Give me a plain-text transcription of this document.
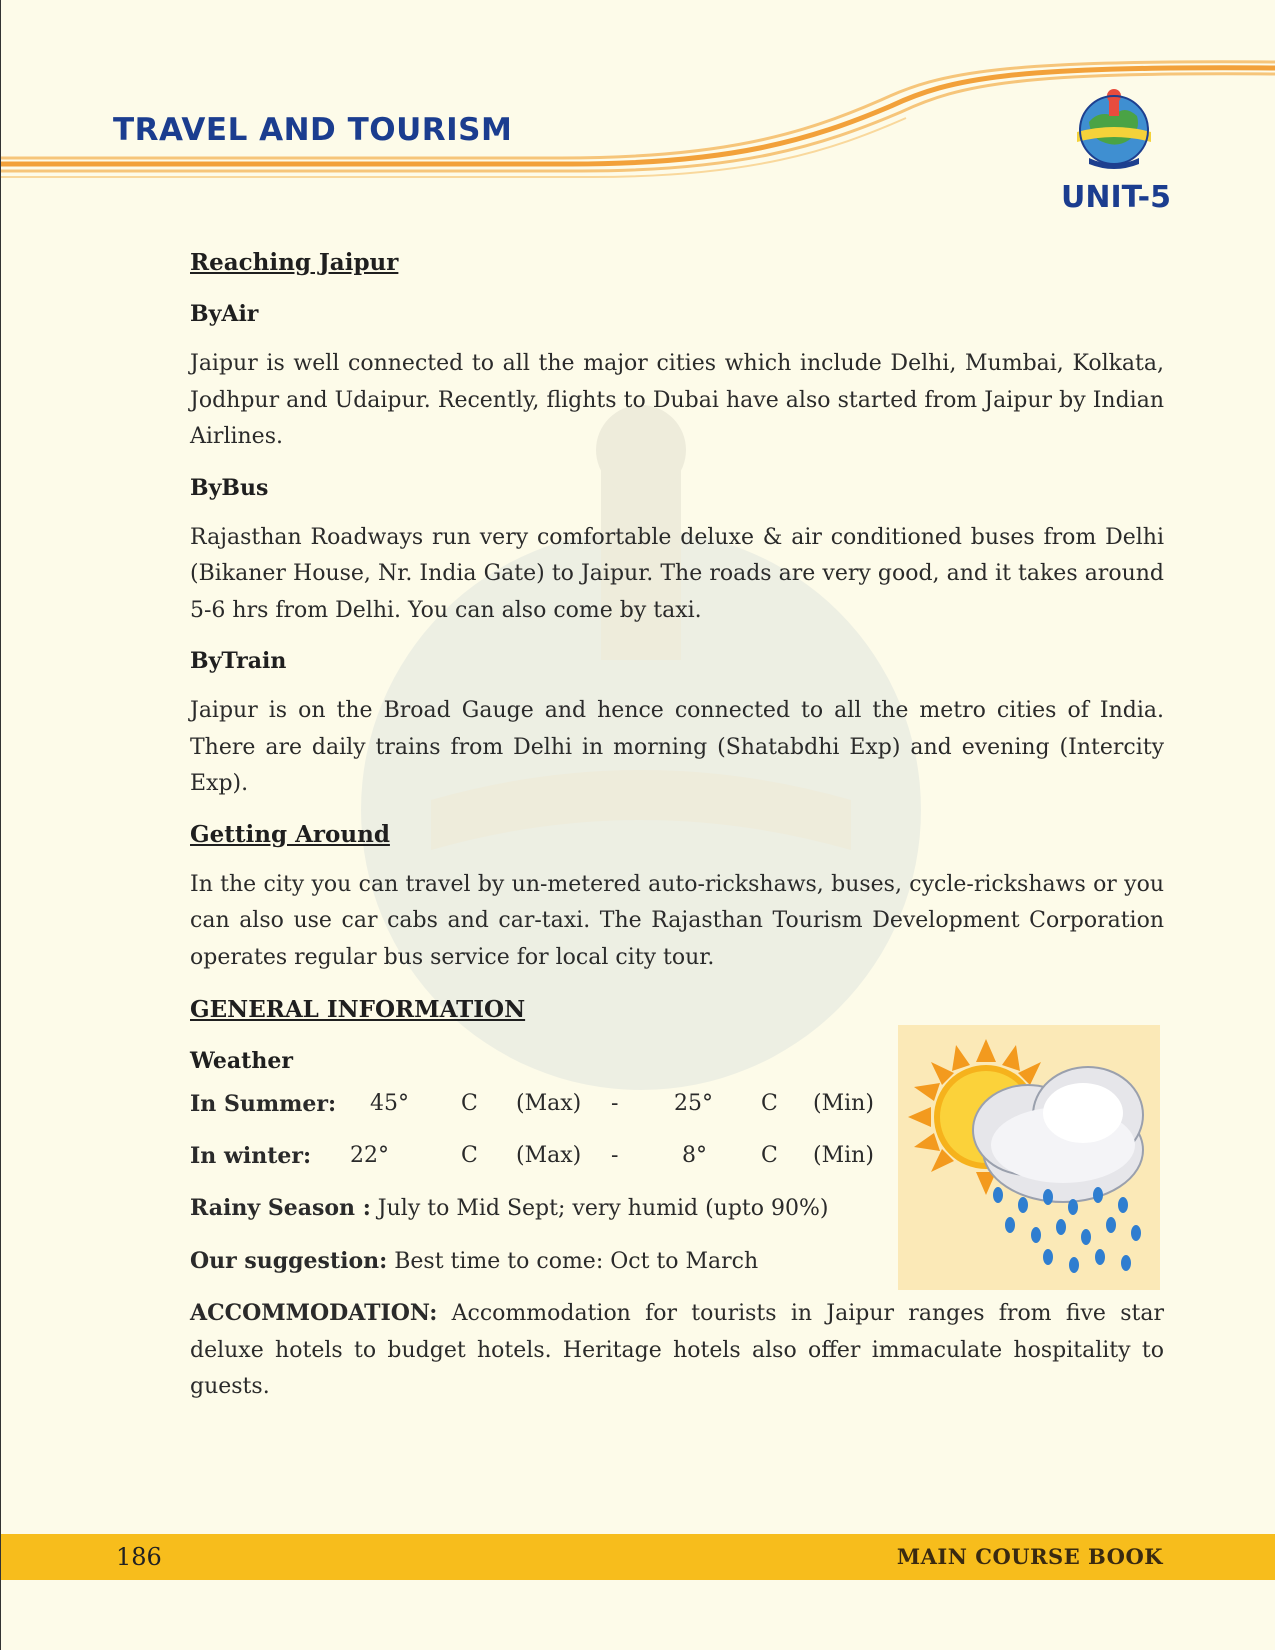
TRAVEL AND TOURISM
UNIT-5

Reaching Jaipur

ByAir

Jaipur is well connected to all the major cities which include Delhi, Mumbai, Kolkata, Jodhpur and Udaipur. Recently, flights to Dubai have also started from Jaipur by Indian Airlines.

ByBus

Rajasthan Roadways run very comfortable deluxe & air conditioned buses from Delhi (Bikaner House, Nr. India Gate) to Jaipur. The roads are very good, and it takes around 5-6 hrs from Delhi. You can also come by taxi.

ByTrain

Jaipur is on the Broad Gauge and hence connected to all the metro cities of India. There are daily trains from Delhi in morning (Shatabdhi Exp) and evening (Intercity Exp).

Getting Around

In the city you can travel by un-metered auto-rickshaws, buses, cycle-rickshaws or you can also use car cabs and car-taxi. The Rajasthan Tourism Development Corporation operates regular bus service for local city tour.

GENERAL INFORMATION

Weather

In Summer: 45° C (Max) -	25° C (Min)
In winter: 22°	C (Max) -	8° C (Min)

Rainy Season : July to Mid Sept; very humid (upto 90%)

Our suggestion: Best time to come: Oct to March

ACCOMMODATION: Accommodation for tourists in Jaipur ranges from five star deluxe hotels to budget hotels. Heritage hotels also offer immaculate hospitality to guests.

186	MAIN COURSE BOOK
